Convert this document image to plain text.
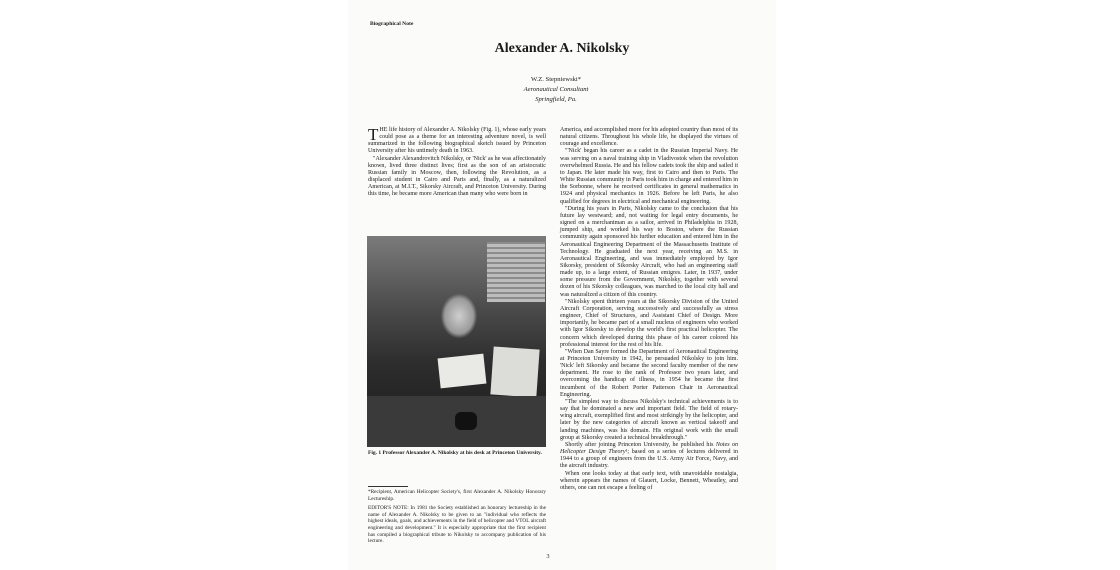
Biographical Note
Alexander A. Nikolsky
W.Z. Stepniewski*
Aeronautical Consultant
Springfield, Pa.

THE life history of Alexander A. Nikolsky (Fig. 1), whose early years could pose as a theme for an interesting adventure novel, is well summarized in the following biographical sketch issued by Princeton University after his untimely death in 1963.

"Alexander Alexandrovitch Nikolsky, or 'Nick' as he was affectionately known, lived three distinct lives; first as the son of an aristocratic Russian family in Moscow, then, following the Revolution, as a displaced student in Cairo and Paris and, finally, as a naturalized American, at M.I.T., Sikorsky Aircraft, and Princeton University. During this time, he became more American than many who were born in

Fig. 1 Professor Alexander A. Nikolsky at his desk at Princeton University.

*Recipient, American Helicopter Society's, first Alexander A. Nikolsky Honorary Lectureship.

EDITOR'S NOTE: In 1981 the Society established an honorary lectureship in the name of Alexander A. Nikolsky to be given to an "individual who reflects the highest ideals, goals, and achievements in the field of helicopter and VTOL aircraft engineering and development." It is especially appropriate that the first recipient has compiled a biographical tribute to Nikolsky to accompany publication of his lecture.

America, and accomplished more for his adopted country than most of its natural citizens. Throughout his whole life, he displayed the virtues of courage and excellence.

"'Nick' began his career as a cadet in the Russian Imperial Navy. He was serving on a naval training ship in Vladivostok when the revolution overwhelmed Russia. He and his fellow cadets took the ship and sailed it to Japan. He later made his way, first to Cairo and then to Paris. The White Russian community in Paris took him in charge and entered him in the Sorbonne, where he received certificates in general mathematics in 1924 and physical mechanics in 1926. Before he left Paris, he also qualified for degrees in electrical and mechanical engineering.

"During his years in Paris, Nikolsky came to the conclusion that his future lay westward; and, not waiting for legal entry documents, he signed on a merchantman as a sailor, arrived in Philadelphia in 1928, jumped ship, and worked his way to Boston, where the Russian community again sponsored his further education and entered him in the Aeronautical Engineering Department of the Massachusetts Institute of Technology. He graduated the next year, receiving an M.S. in Aeronautical Engineering, and was immediately employed by Igor Sikorsky, president of Sikorsky Aircraft, who had an engineering staff made up, to a large extent, of Russian emigres. Later, in 1937, under some pressure from the Government, Nikolsky, together with several dozen of his Sikorsky colleagues, was marched to the local city hall and was naturalized a citizen of this country.

"Nikolsky spent thirteen years at the Sikorsky Division of the United Aircraft Corporation, serving successively and successfully as stress engineer, Chief of Structures, and Assistant Chief of Design. More importantly, he became part of a small nucleus of engineers who worked with Igor Sikorsky to develop the world's first practical helicopter. The concern which developed during this phase of his career colored his professional interest for the rest of his life.

"When Dan Sayre formed the Department of Aeronautical Engineering at Princeton University in 1942, he persuaded Nikolsky to join him. 'Nick' left Sikorsky and became the second faculty member of the new department. He rose to the rank of Professor two years later, and overcoming the handicap of illness, in 1954 he became the first incumbent of the Robert Porter Patterson Chair in Aeronautical Engineering.

"The simplest way to discuss Nikolsky's technical achievements is to say that he dominated a new and important field. The field of rotary-wing aircraft, exemplified first and most strikingly by the helicopter, and later by the new categories of aircraft known as vertical takeoff and landing machines, was his domain. His original work with the small group at Sikorsky created a technical breakthrough."

Shortly after joining Princeton University, he published his Notes on Helicopter Design Theory¹; based on a series of lectures delivered in 1944 to a group of engineers from the U.S. Army Air Force, Navy, and the aircraft industry.

When one looks today at that early text, with unavoidable nostalgia, wherein appears the names of Glauert, Locke, Bennett, Wheatley, and others, one can not escape a feeling of

3
